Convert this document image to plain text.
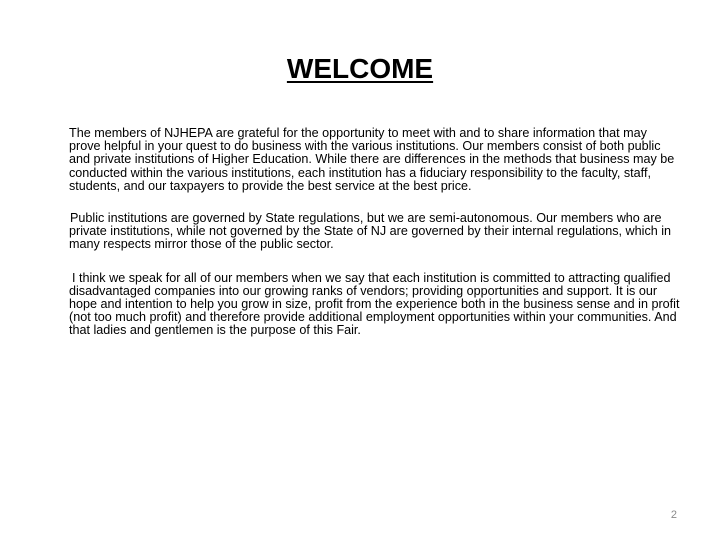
WELCOME

The members of NJHEPA are grateful for the opportunity to meet with and to share information that may prove helpful in your quest to do business with the various institutions. Our members consist of both public and private institutions of Higher Education. While there are differences in the methods that business may be conducted within the various institutions, each institution has a fiduciary responsibility to the faculty, staff, students, and our taxpayers to provide the best service at the best price.

Public institutions are governed by State regulations, but we are semi-autonomous. Our members who are private institutions, while not governed by the State of NJ are governed by their internal regulations, which in many respects mirror those of the public sector.

I think we speak for all of our members when we say that each institution is committed to attracting qualified disadvantaged companies into our growing ranks of vendors; providing opportunities and support. It is our hope and intention to help you grow in size, profit from the experience both in the business sense and in profit (not too much profit) and therefore provide additional employment opportunities within your communities. And that ladies and gentlemen is the purpose of this Fair.

2
